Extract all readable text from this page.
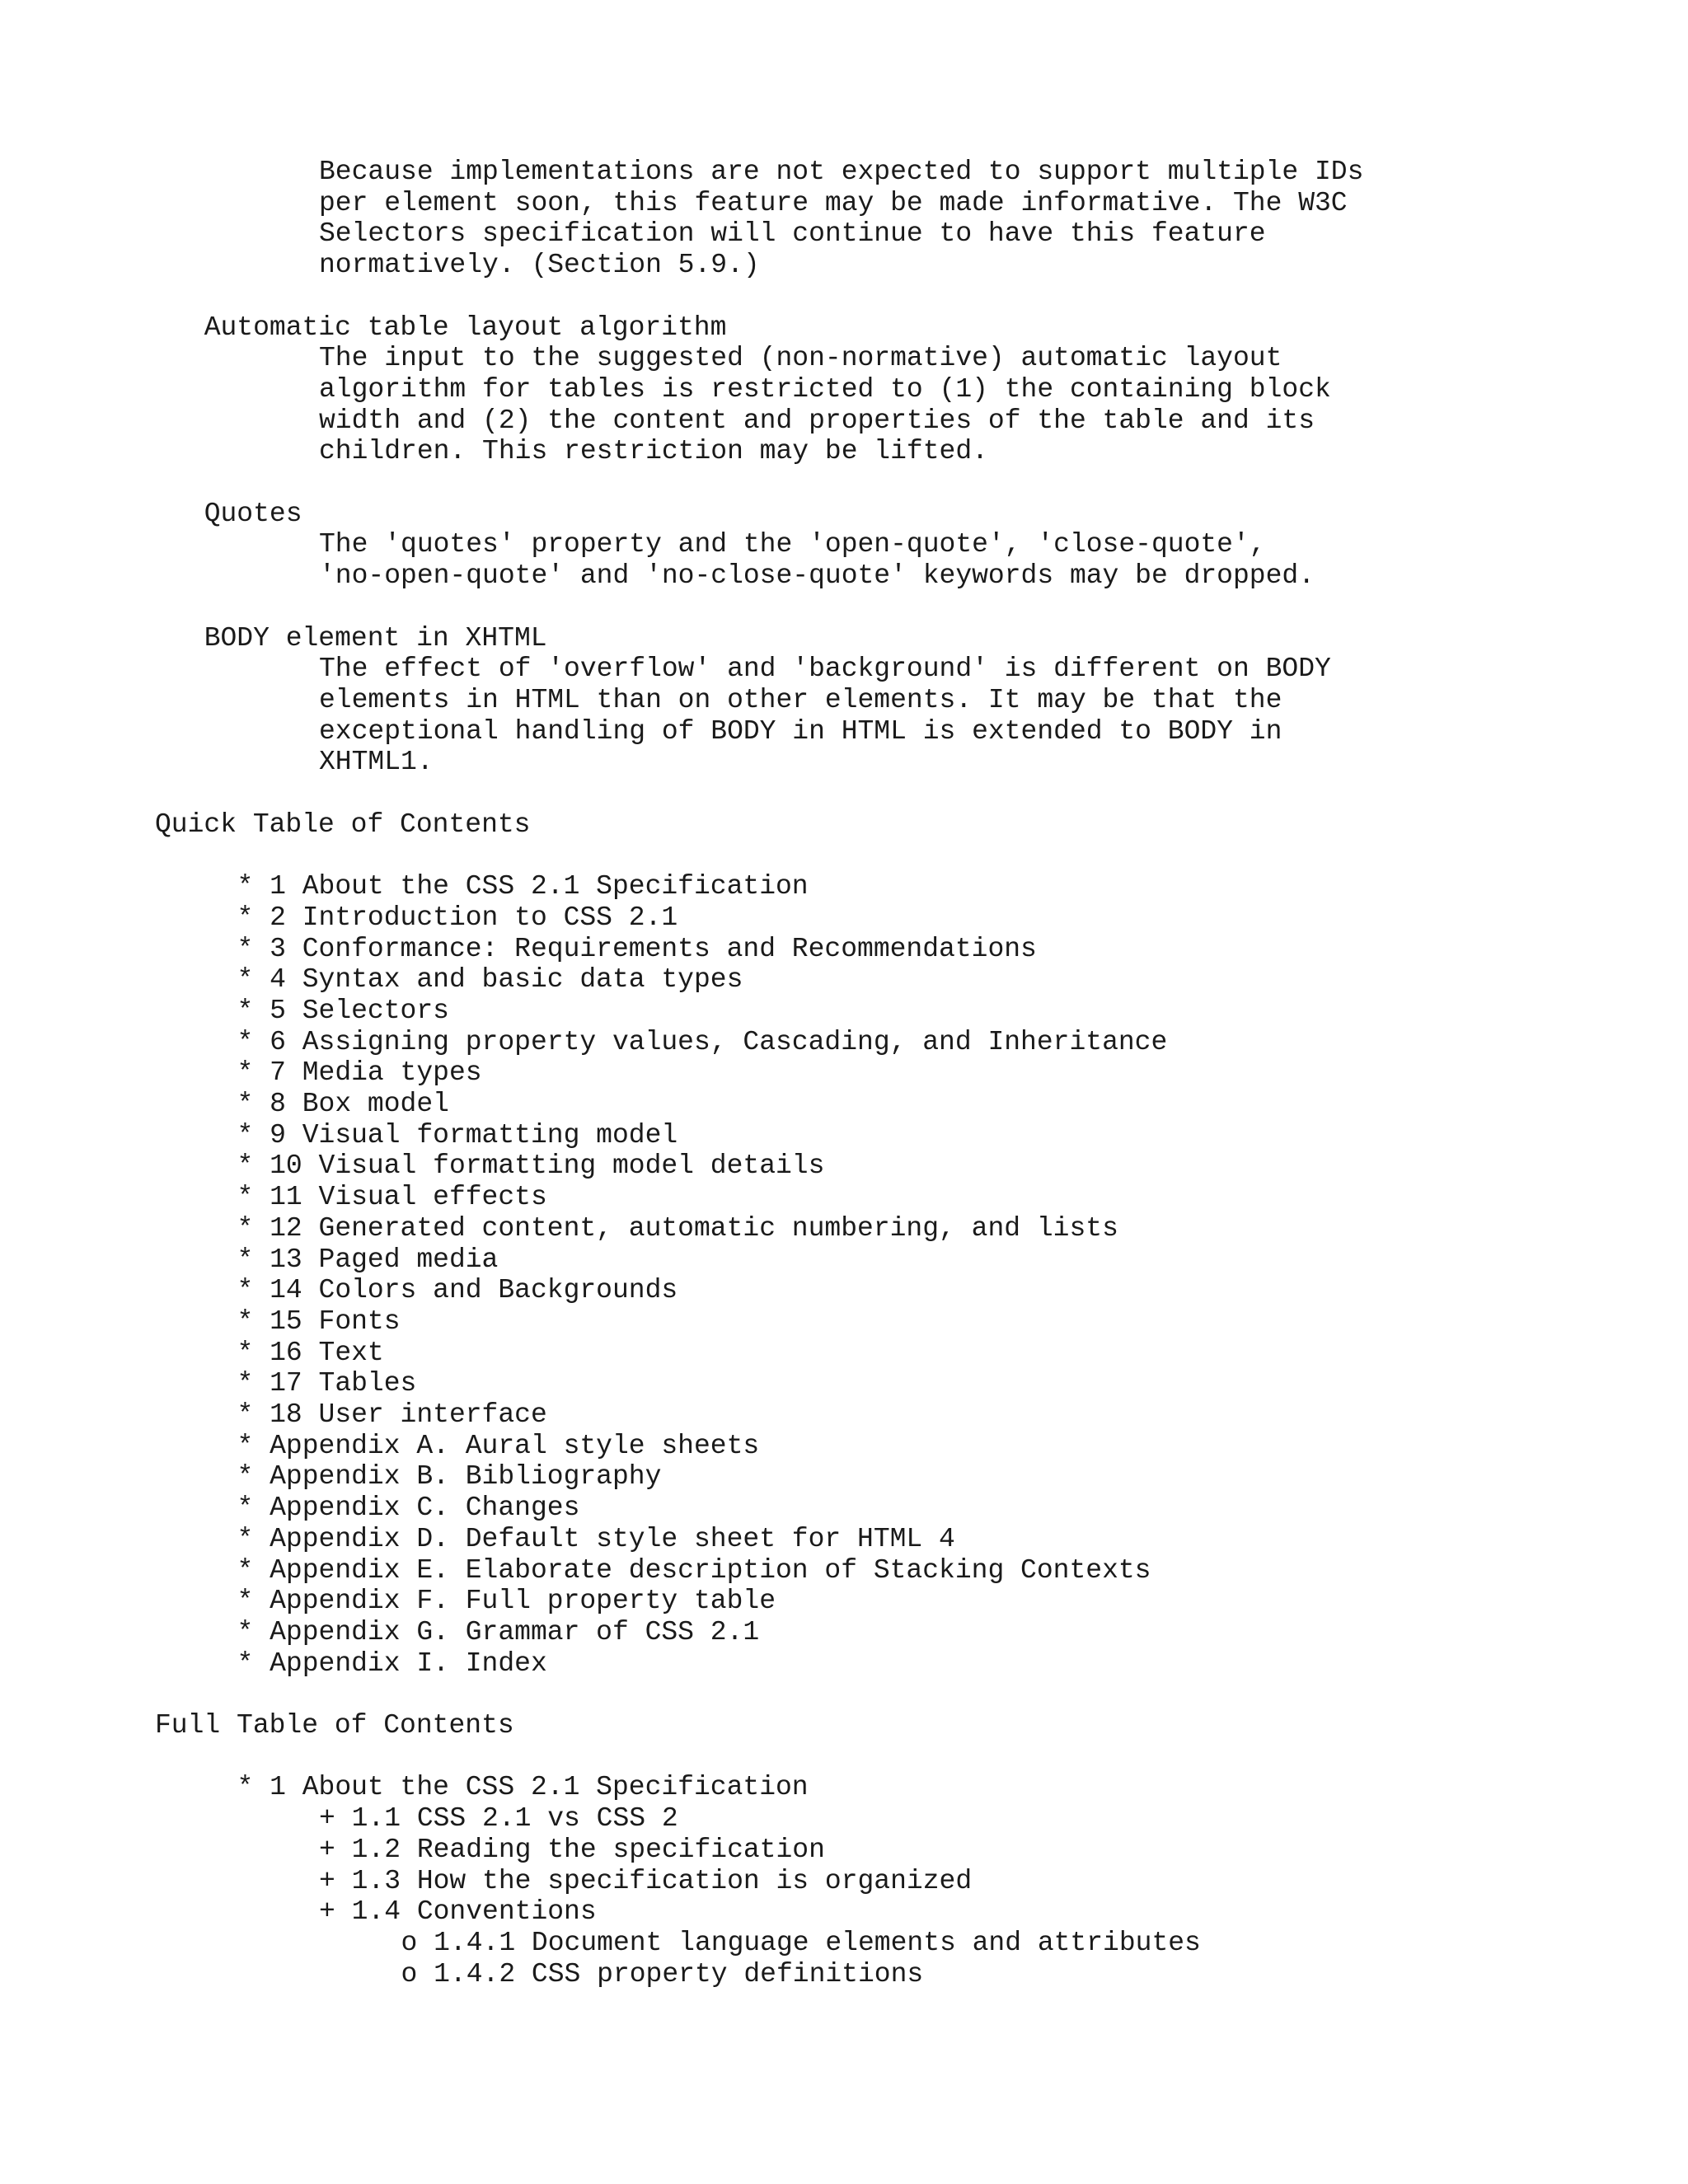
Because implementations are not expected to support multiple IDs
per element soon, this feature may be made informative. The W3C
Selectors specification will continue to have this feature
normatively. (Section 5.9.)
Automatic table layout algorithm
The input to the suggested (non-normative) automatic layout
algorithm for tables is restricted to (1) the containing block
width and (2) the content and properties of the table and its
children. This restriction may be lifted.
Quotes
The 'quotes' property and the 'open-quote', 'close-quote',
'no-open-quote' and 'no-close-quote' keywords may be dropped.
BODY element in XHTML
The effect of 'overflow' and 'background' is different on BODY
elements in HTML than on other elements. It may be that the
exceptional handling of BODY in HTML is extended to BODY in
XHTML1.
Quick Table of Contents
* 1 About the CSS 2.1 Specification
* 2 Introduction to CSS 2.1
* 3 Conformance: Requirements and Recommendations
* 4 Syntax and basic data types
* 5 Selectors
* 6 Assigning property values, Cascading, and Inheritance
* 7 Media types
* 8 Box model
* 9 Visual formatting model
* 10 Visual formatting model details
* 11 Visual effects
* 12 Generated content, automatic numbering, and lists
* 13 Paged media
* 14 Colors and Backgrounds
* 15 Fonts
* 16 Text
* 17 Tables
* 18 User interface
* Appendix A. Aural style sheets
* Appendix B. Bibliography
* Appendix C. Changes
* Appendix D. Default style sheet for HTML 4
* Appendix E. Elaborate description of Stacking Contexts
* Appendix F. Full property table
* Appendix G. Grammar of CSS 2.1
* Appendix I. Index
Full Table of Contents
* 1 About the CSS 2.1 Specification
+ 1.1 CSS 2.1 vs CSS 2
+ 1.2 Reading the specification
+ 1.3 How the specification is organized
+ 1.4 Conventions
o 1.4.1 Document language elements and attributes
o 1.4.2 CSS property definitions
